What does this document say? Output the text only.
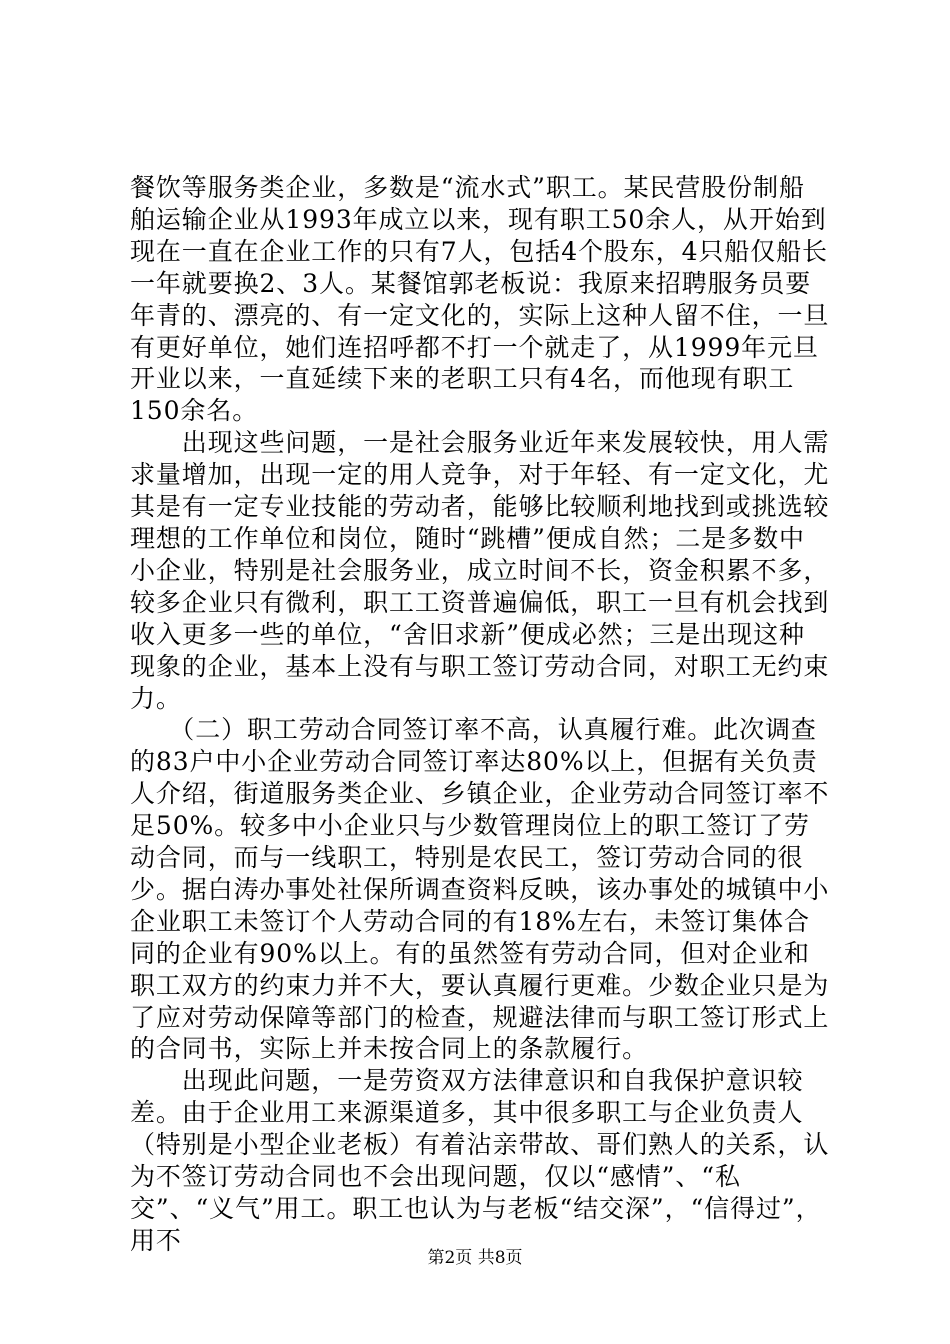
餐饮等服务类企业，多数是“流水式”职工。某民营股份制船舶运输企业从1993年成立以来，现有职工50余人，从开始到现在一直在企业工作的只有7人，包括4个股东，4只船仅船长一年就要换2、3人。某餐馆郭老板说：我原来招聘服务员要年青的、漂亮的、有一定文化的，实际上这种人留不住，一旦有更好单位，她们连招呼都不打一个就走了，从1999年元旦开业以来，一直延续下来的老职工只有4名，而他现有职工150余名。

　　出现这些问题，一是社会服务业近年来发展较快，用人需求量增加，出现一定的用人竞争，对于年轻、有一定文化，尤其是有一定专业技能的劳动者，能够比较顺利地找到或挑选较理想的工作单位和岗位，随时“跳槽”便成自然；二是多数中小企业，特别是社会服务业，成立时间不长，资金积累不多，较多企业只有微利，职工工资普遍偏低，职工一旦有机会找到收入更多一些的单位，“舍旧求新”便成必然；三是出现这种现象的企业，基本上没有与职工签订劳动合同，对职工无约束力。

　　（二）职工劳动合同签订率不高，认真履行难。此次调查的83户中小企业劳动合同签订率达80%以上，但据有关负责人介绍，街道服务类企业、乡镇企业，企业劳动合同签订率不足50%。较多中小企业只与少数管理岗位上的职工签订了劳动合同，而与一线职工，特别是农民工，签订劳动合同的很少。据白涛办事处社保所调查资料反映，该办事处的城镇中小企业职工未签订个人劳动合同的有18%左右，未签订集体合同的企业有90%以上。有的虽然签有劳动合同，但对企业和职工双方的约束力并不大，要认真履行更难。少数企业只是为了应对劳动保障等部门的检查，规避法律而与职工签订形式上的合同书，实际上并未按合同上的条款履行。

　　出现此问题，一是劳资双方法律意识和自我保护意识较差。由于企业用工来源渠道多，其中很多职工与企业负责人（特别是小型企业老板）有着沾亲带故、哥们熟人的关系，认为不签订劳动合同也不会出现问题，仅以“感情”、“私交”、“义气”用工。职工也认为与老板“结交深”，“信得过”，用不

第2页 共8页
